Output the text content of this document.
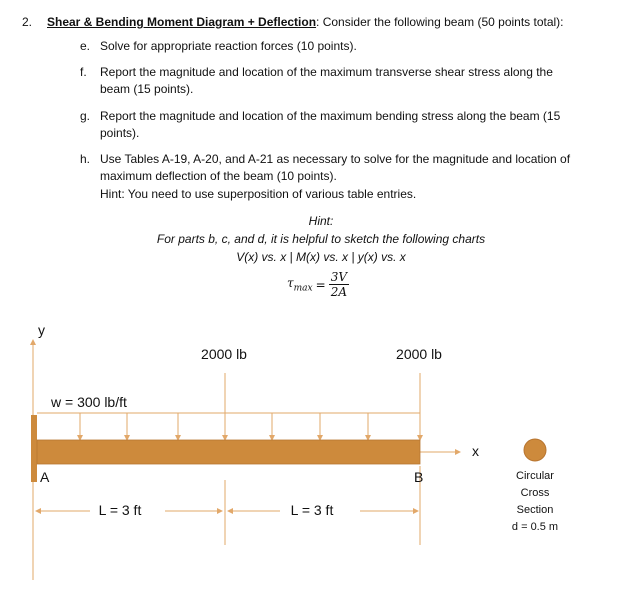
2. Shear & Bending Moment Diagram + Deflection: Consider the following beam (50 points total):
e. Solve for appropriate reaction forces (10 points).
f. Report the magnitude and location of the maximum transverse shear stress along the
beam (15 points).
g. Report the magnitude and location of the maximum bending stress along the beam (15
points).
h. Use Tables A-19, A-20, and A-21 as necessary to solve for the magnitude and location of
maximum deflection of the beam (10 points).
Hint: You need to use superposition of various table entries.
Hint:
For parts b, c, and d, it is helpful to sketch the following charts
V(x) vs. x | M(x) vs. x | y(x) vs. x
$\tau_{max} = \frac{3V}{2A}$
y
2000 lb	2000 lb
w = 300 lb/ft
x
A	B
L = 3 ft	L = 3 ft
Circular
Cross
Section
d = 0.5 m
